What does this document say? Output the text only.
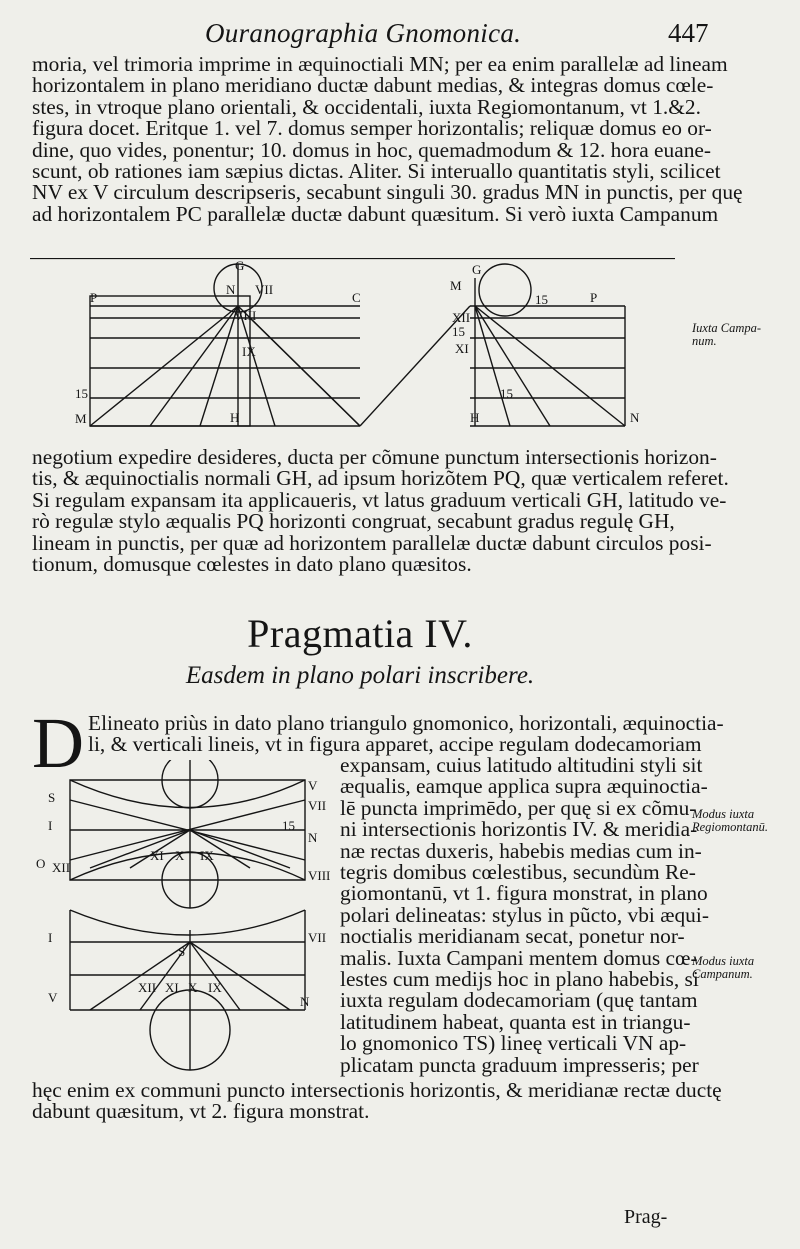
Ouranographia Gnomonica.	447
moria, vel trimoria imprime in æquinoctiali MN; per ea enim parallelæ ad lineam
horizontalem in plano meridiano ductæ dabunt medias, & integras domus cœle-
stes, in vtroque plano orientali, & occidentali, iuxta Regiomontanum, vt 1.&2.
figura docet. Eritque 1. vel 7. domus semper horizontalis; reliquæ domus eo or-
dine, quo vides, ponentur; 10. domus in hoc, quemadmodum & 12. hora euane-
scunt, ob rationes iam sæpius dictas. Aliter. Si interuallo quantitatis styli, scilicet
NV ex V circulum descripseris, secabunt singuli 30. gradus MN in punctis, per quę
ad horizontalem PC parallelæ ductæ dabunt quæsitum. Si verò iuxta Campanum
G
N VII
P	C
VIII
IX
15
M	H
XII
XI
15
N
15
H
15
P
M
G
Iuxta Campa-
num.
negotium expedire desideres, ducta per cõmune punctum intersectionis horizon-
tis, & æquinoctialis normali GH, ad ipsum horizõtem PQ, quæ verticalem referet.
Si regulam expansam ita applicaueris, vt latus graduum verticali GH, latitudo ve-
rò regulæ stylo æqualis PQ horizonti congruat, secabunt gradus regulę GH,
lineam in punctis, per quæ ad horizontem parallelæ ductæ dabunt circulos posi-
tionum, domusque cœlestes in dato plano quæsitos.
Pragmatia IV.
Easdem in plano polari inscribere.
D Elineato priùs in dato plano triangulo gnomonico, horizontali, æquinoctia-
li, & verticali lineis, vt in figura apparet, accipe regulam dodecamoriam
S
I
O XII
XI X IX
VIII
VII
V
N
15
I	VII
V
XII XI X IX
N
S
expansam, cuius latitudo altitudini styli sit
æqualis, eamque applica supra æquinoctia-
lē puncta imprimēdo, per quę si ex cõmu-
ni intersectionis horizontis IV. & meridia-
næ rectas duxeris, habebis medias cum in-
tegris domibus cœlestibus, secundùm Re-
giomontanū, vt 1. figura monstrat, in plano
polari delineatas: stylus in pũcto, vbi æqui-
noctialis meridianam secat, ponetur nor-
malis. Iuxta Campani mentem domus cœ-
lestes cum medijs hoc in plano habebis, si
iuxta regulam dodecamoriam (quę tantam
latitudinem habeat, quanta est in triangu-
lo gnomonico TS) lineę verticali VN ap-
plicatam puncta graduum impresseris; per
Modus iuxta
Regiomontanū.
Modus iuxta
Campanum.
hęc enim ex communi puncto intersectionis horizontis, & meridianæ rectæ ductę
dabunt quæsitum, vt 2. figura monstrat.
Prag-
